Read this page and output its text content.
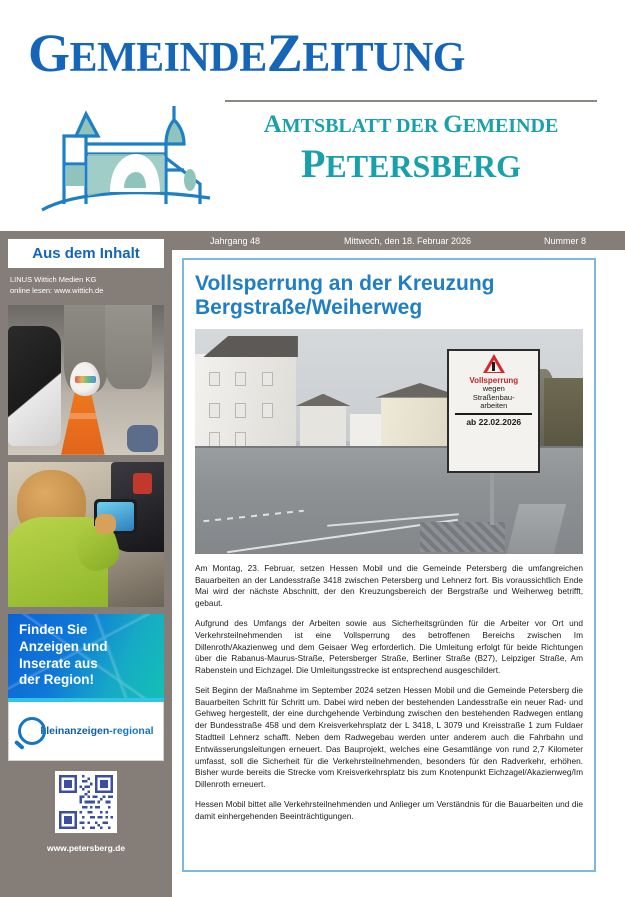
GEMEINDEZEITUNG
AMTSBLATT DER GEMEINDE
PETERSBERG
Jahrgang 48	Mittwoch, den 18. Februar 2026	Nummer 8
Aus dem Inhalt
LINUS Wittich Medien KG
online lesen: www.wittich.de
Finden Sie
Anzeigen und
Inserate aus
der Region!
kleinanzeigen-regional
www.petersberg.de
Vollsperrung an der Kreuzung
Bergstraße/Weiherweg
Vollsperrung
wegen
Straßenbau-
arbeiten
ab 22.02.2026

Am Montag, 23. Februar, setzen Hessen Mobil und die Gemeinde Petersberg die umfangreichen Bauarbeiten an der Landesstraße 3418 zwischen Petersberg und Lehnerz fort. Bis voraussichtlich Ende Mai wird der nächste Abschnitt, der den Kreuzungsbereich der Bergstraße und Weiherweg betrifft, gebaut.

Aufgrund des Umfangs der Arbeiten sowie aus Sicherheitsgründen für die Arbeiter vor Ort und Verkehrsteilnehmenden ist eine Vollsperrung des betroffenen Bereichs zwischen Im Dillenroth/Akazienweg und dem Geisaer Weg erforderlich. Die Umleitung erfolgt für beide Richtungen über die Rabanus-Maurus-Straße, Petersberger Straße, Berliner Straße (B27), Leipziger Straße, Am Rabenstein und Eichzagel. Die Umleitungsstrecke ist entsprechend ausgeschildert.

Seit Beginn der Maßnahme im September 2024 setzen Hessen Mobil und die Gemeinde Petersberg die Bauarbeiten Schritt für Schritt um. Dabei wird neben der bestehenden Landesstraße ein neuer Rad- und Gehweg hergestellt, der eine durchgehende Verbindung zwischen den bestehenden Radwegen entlang der Bundesstraße 458 und dem Kreisverkehrsplatz der L 3418, L 3079 und Kreisstraße 1 zum Fuldaer Stadtteil Lehnerz schafft. Neben dem Radwegebau werden unter anderem auch die Fahrbahn und Entwässerungsleitungen erneuert. Das Bauprojekt, welches eine Gesamtlänge von rund 2,7 Kilometer umfasst, soll die Sicherheit für die Verkehrsteilnehmenden, besonders für den Radverkehr, erhöhen. Bisher wurde bereits die Strecke vom Kreisverkehrsplatz bis zum Knotenpunkt Eichzagel/Akazienweg/Im Dillenroth erneuert.

Hessen Mobil bittet alle Verkehrsteilnehmenden und Anlieger um Verständnis für die Bauarbeiten und die damit einhergehenden Beeinträchtigungen.
